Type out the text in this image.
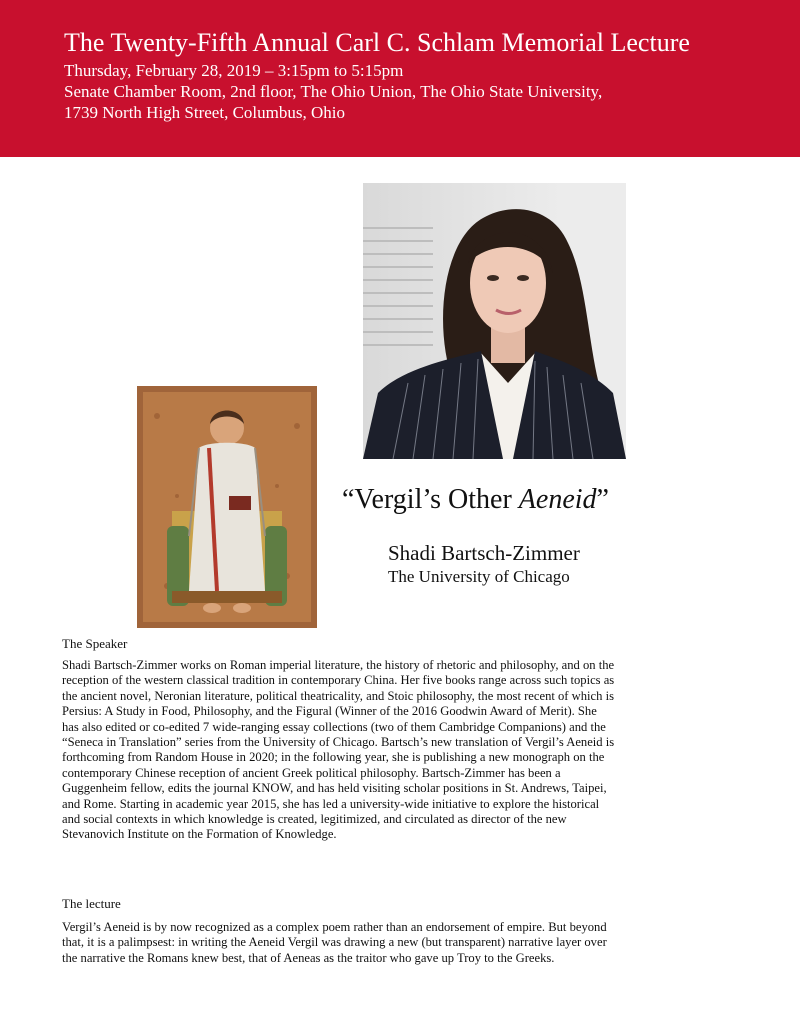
The Twenty-Fifth Annual Carl C. Schlam Memorial Lecture
Thursday, February 28, 2019 – 3:15pm to 5:15pm
Senate Chamber Room, 2nd floor, The Ohio Union, The Ohio State University,
1739 North High Street, Columbus, Ohio
“Vergil’s Other Aeneid”
Shadi Bartsch-Zimmer
The University of Chicago
The Speaker
Shadi Bartsch-Zimmer works on Roman imperial literature, the history of rhetoric and philosophy, and on the
reception of the western classical tradition in contemporary China. Her five books range across such topics as
the ancient novel, Neronian literature, political theatricality, and Stoic philosophy, the most recent of which is
Persius: A Study in Food, Philosophy, and the Figural (Winner of the 2016 Goodwin Award of Merit). She
has also edited or co-edited 7 wide-ranging essay collections (two of them Cambridge Companions) and the
“Seneca in Translation” series from the University of Chicago. Bartsch’s new translation of Vergil’s Aeneid is
forthcoming from Random House in 2020; in the following year, she is publishing a new monograph on the
contemporary Chinese reception of ancient Greek political philosophy. Bartsch-Zimmer has been a
Guggenheim fellow, edits the journal KNOW, and has held visiting scholar positions in St. Andrews, Taipei,
and Rome. Starting in academic year 2015, she has led a university-wide initiative to explore the historical
and social contexts in which knowledge is created, legitimized, and circulated as director of the new
Stevanovich Institute on the Formation of Knowledge.
The lecture
Vergil’s Aeneid is by now recognized as a complex poem rather than an endorsement of empire. But beyond
that, it is a palimpsest: in writing the Aeneid Vergil was drawing a new (but transparent) narrative layer over
the narrative the Romans knew best, that of Aeneas as the traitor who gave up Troy to the Greeks.
